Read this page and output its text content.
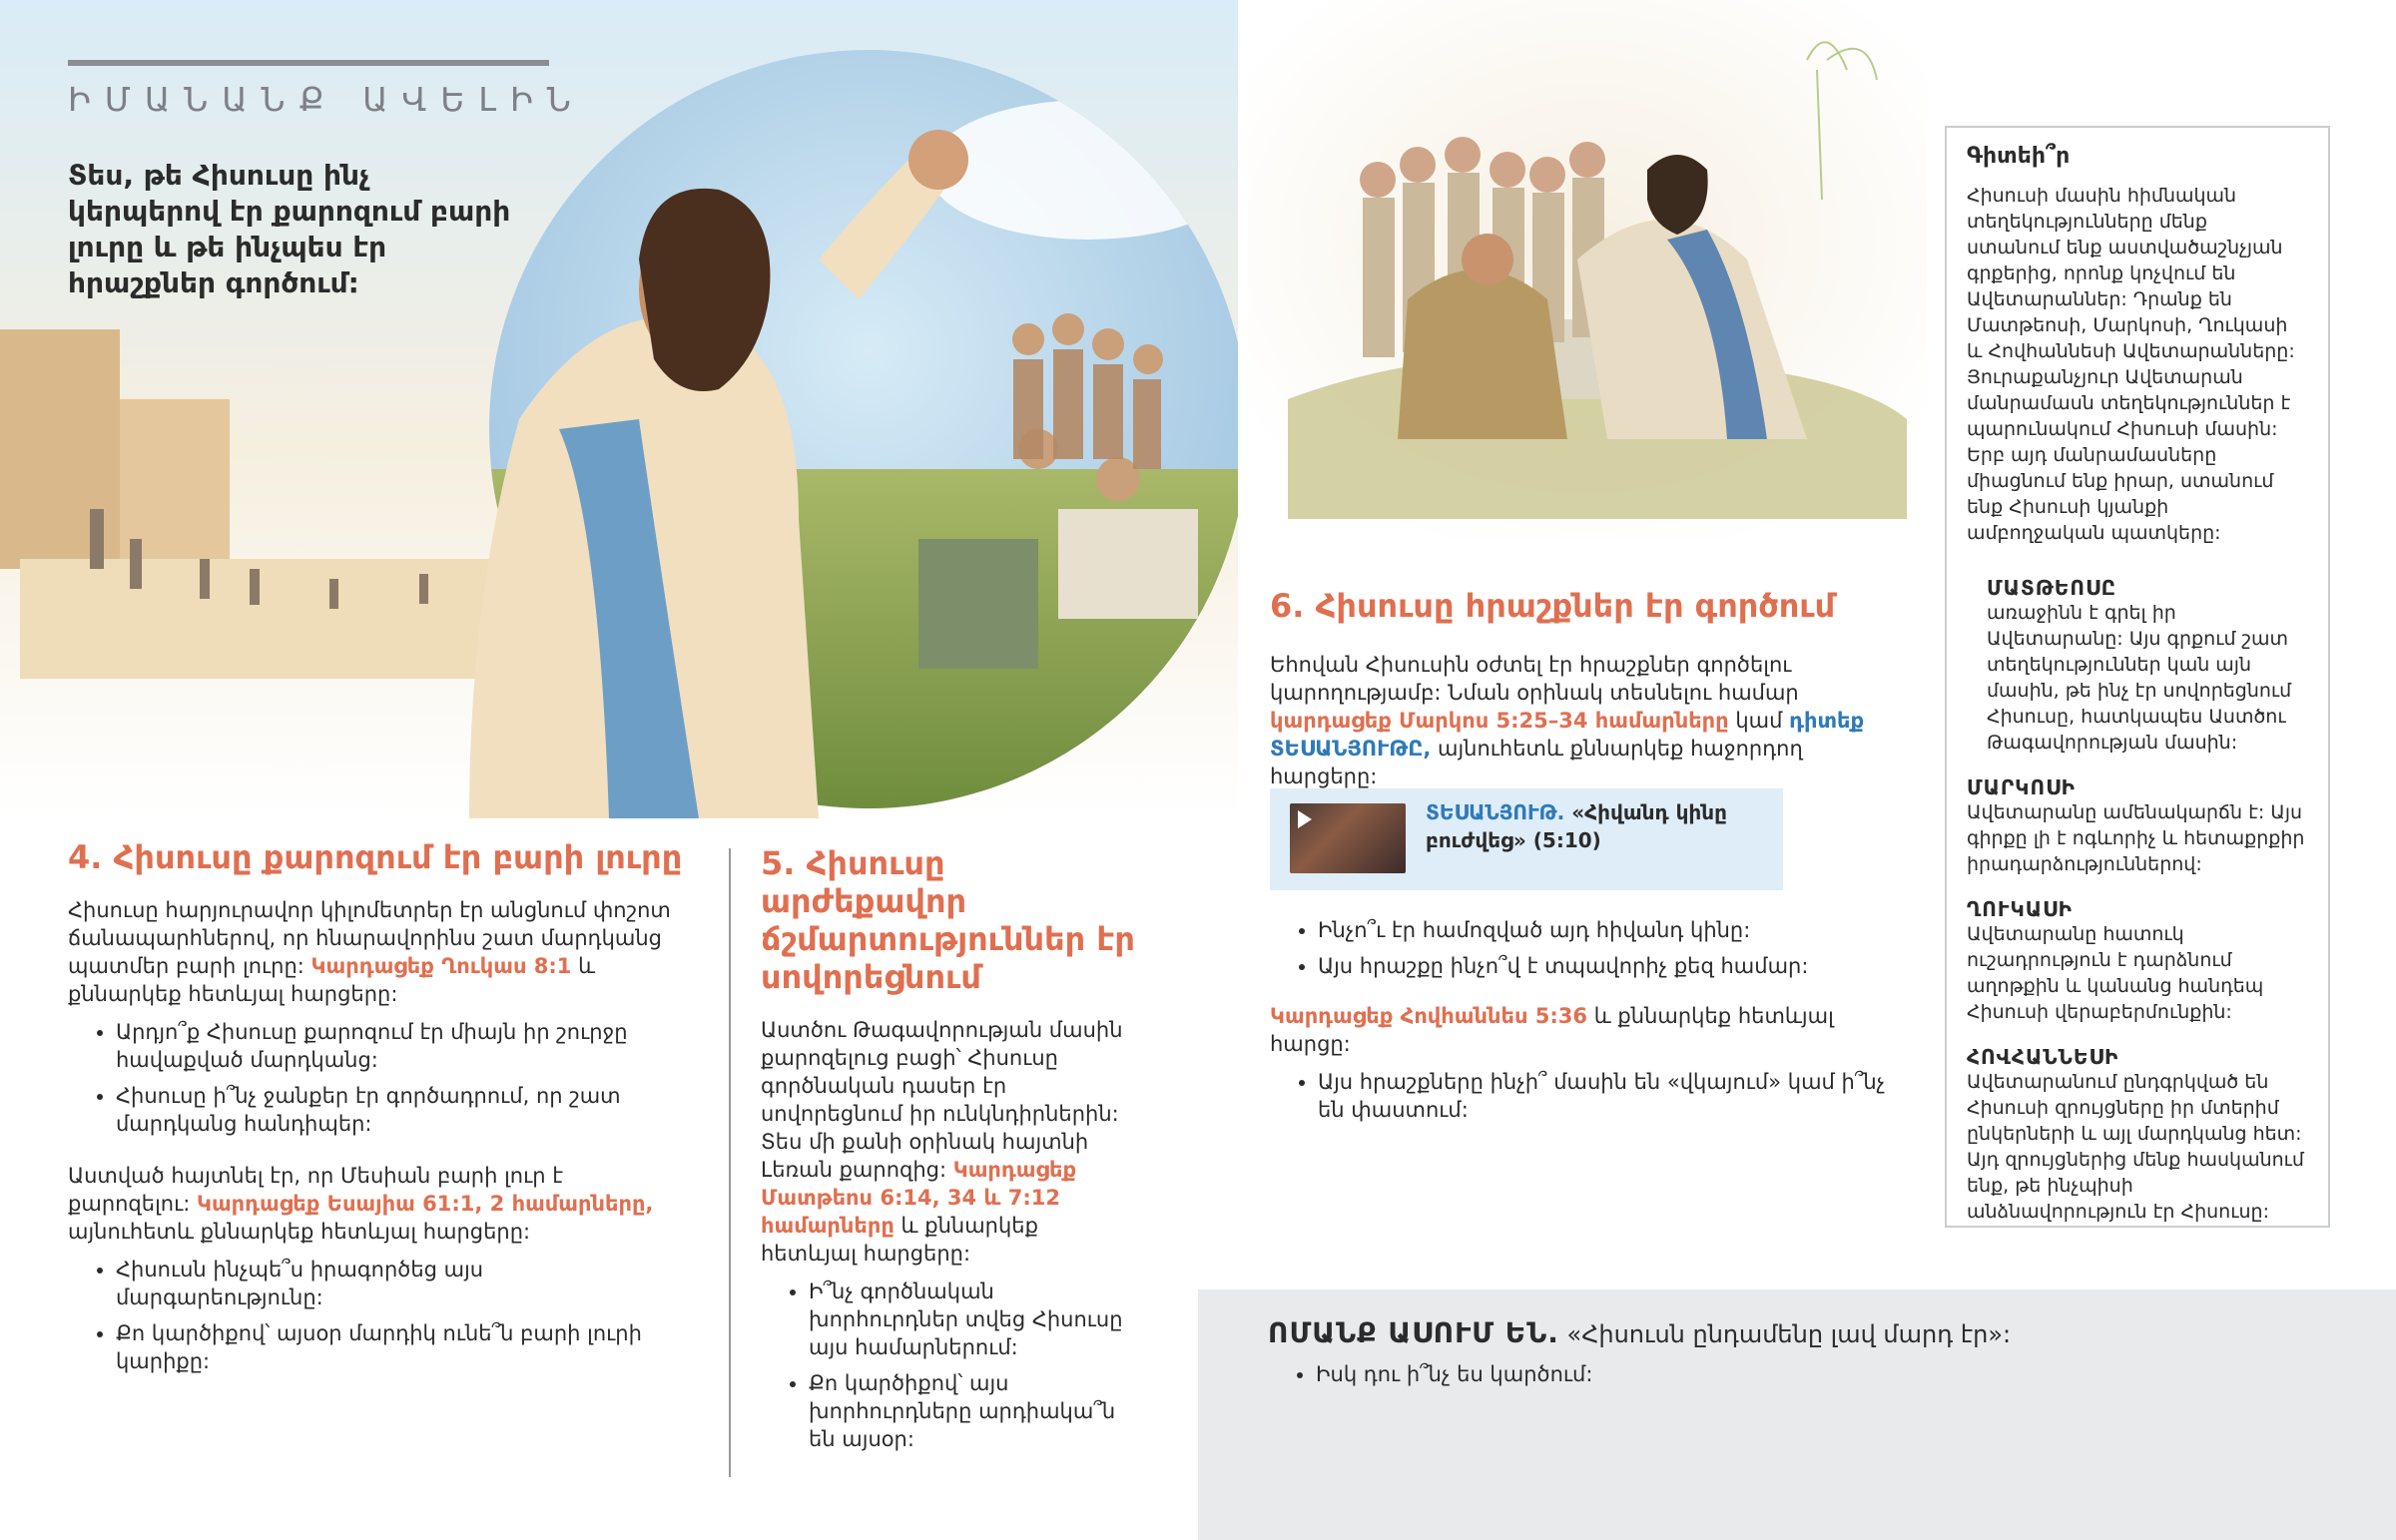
ԻՄԱՆԱՆՔ ԱՎԵԼԻՆ
Տես, թե Հիսուսը ինչ կերպերով էր քարոզում բարի լուրը և թե ինչպես էր հրաշքներ գործում:
4. Հիսուսը քարոզում էր բարի լուրը
Հիսուսը հարյուրավոր կիլոմետրեր էր անցնում փոշոտ ճանապարհներով, որ հնարավորինս շատ մարդկանց պատմեր բարի լուրը: Կարդացեք Ղուկաս 8:1 և քննարկեք հետևյալ հարցերը:
• Արդյո՞ք Հիսուսը քարոզում էր միայն իր շուրջը հավաքված մարդկանց:
• Հիսուսը ի՞նչ ջանքեր էր գործադրում, որ շատ մարդկանց հանդիպեր:
Աստված հայտնել էր, որ Մեսիան բարի լուր է քարոզելու: Կարդացեք Եսայիա 61:1, 2 համարները, այնուհետև քննարկեք հետևյալ հարցերը:
• Հիսուսն ինչպե՞ս իրագործեց այս մարգարեությունը:
• Քո կարծիքով՝ այսօր մարդիկ ունե՞ն բարի լուրի կարիքը:
5. Հիսուսը արժեքավոր ճշմարտություններ էր սովորեցնում
Աստծու Թագավորության մասին քարոզելուց բացի՝ Հիսուսը գործնական դասեր էր սովորեցնում իր ունկնդիրներին: Տես մի քանի օրինակ հայտնի Լեռան քարոզից: Կարդացեք Մատթեոս 6:14, 34 և 7:12 համարները և քննարկեք հետևյալ հարցերը:
• Ի՞նչ գործնական խորհուրդներ տվեց Հիսուսը այս համարներում:
• Քո կարծիքով՝ այս խորհուրդները արդիակա՞ն են այսօր:
6. Հիսուսը հրաշքներ էր գործում
Եհովան Հիսուսին օժտել էր հրաշքներ գործելու կարողությամբ: Նման օրինակ տեսնելու համար կարդացեք Մարկոս 5:25–34 համարները կամ դիտեք ՏԵՍԱՆՅՈՒԹԸ, այնուհետև քննարկեք հաջորդող հարցերը:
ՏԵՍԱՆՅՈՒԹ. «Հիվանդ կինը բուժվեց» (5:10)
• Ինչո՞ւ էր համոզված այդ հիվանդ կինը:
• Այս հրաշքը ինչո՞վ է տպավորիչ քեզ համար:
Կարդացեք Հովհաննես 5:36 և քննարկեք հետևյալ հարցը:
• Այս հրաշքները ինչի՞ մասին են «վկայում» կամ ի՞նչ են փաստում:
Գիտեի՞ր
Հիսուսի մասին հիմնական տեղեկությունները մենք ստանում ենք աստվածաշնչյան գրքերից, որոնք կոչվում են Ավետարաններ: Դրանք են Մատթեոսի, Մարկոսի, Ղուկասի և Հովհաննեսի Ավետարանները: Յուրաքանչյուր Ավետարան մանրամասն տեղեկություններ է պարունակում Հիսուսի մասին: Երբ այդ մանրամասները միացնում ենք իրար, ստանում ենք Հիսուսի կյանքի ամբողջական պատկերը:
ՄԱՏԹԵՈՍԸ
առաջինն է գրել իր Ավետարանը: Այս գրքում շատ տեղեկություններ կան այն մասին, թե ինչ էր սովորեցնում Հիսուսը, հատկապես Աստծու Թագավորության մասին:
ՄԱՐԿՈՍԻ
Ավետարանը ամենակարճն է: Այս գիրքը լի է ոգևորիչ և հետաքրքիր իրադարձություններով:
ՂՈՒԿԱՍԻ
Ավետարանը հատուկ ուշադրություն է դարձնում աղոթքին և կանանց հանդեպ Հիսուսի վերաբերմունքին:
ՀՈՎՀԱՆՆԵՍԻ
Ավետարանում ընդգրկված են Հիսուսի զրույցները իր մտերիմ ընկերների և այլ մարդկանց հետ: Այդ զրույցներից մենք հասկանում ենք, թե ինչպիսի անձնավորություն էր Հիսուսը:
ՈՄԱՆՔ ԱՍՈՒՄ ԵՆ. «Հիսուսն ընդամենը լավ մարդ էր»:
• Իսկ դու ի՞նչ ես կարծում:
